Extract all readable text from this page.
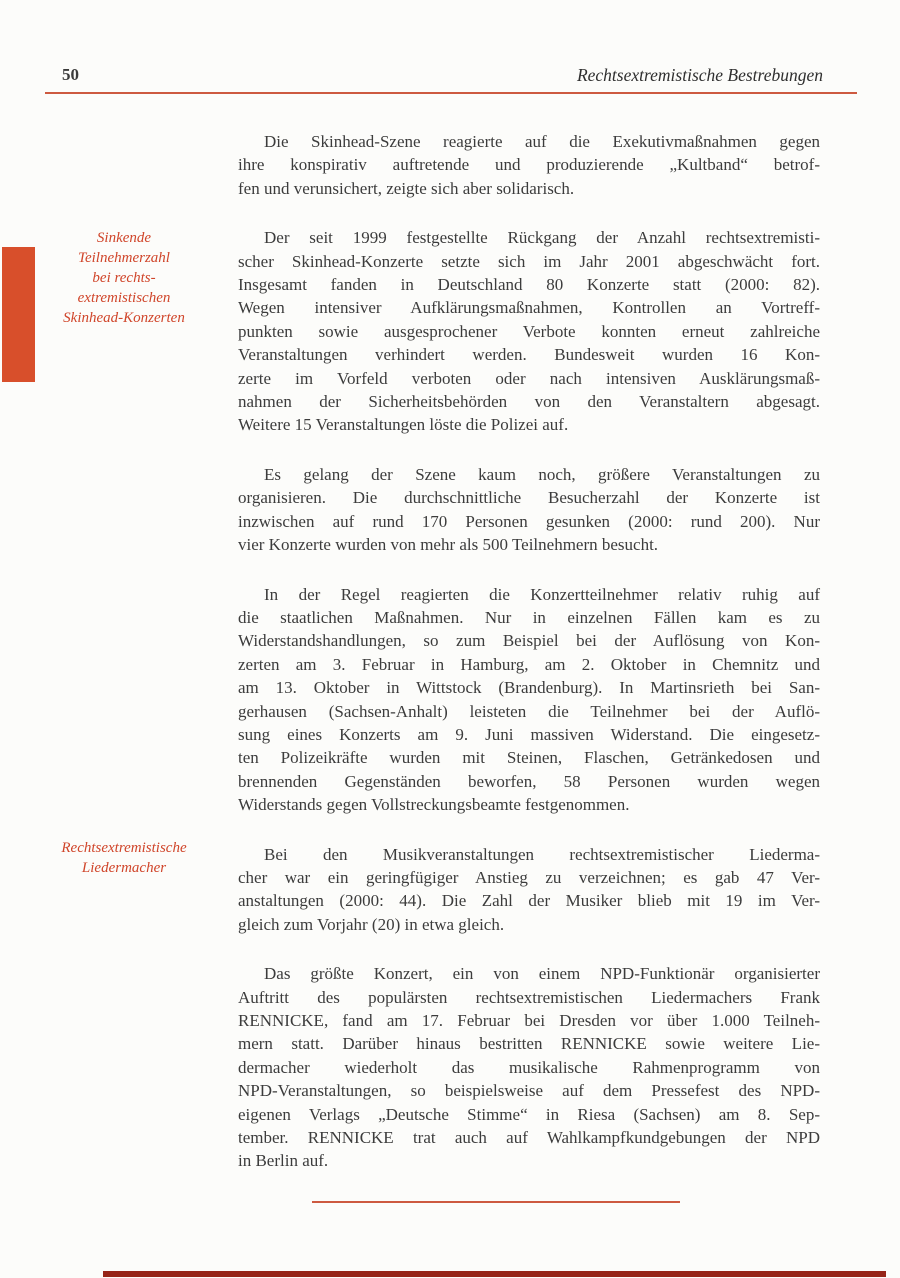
50	Rechtsextremistische Bestrebungen
Sinkende
Teilnehmerzahl
bei rechts-
extremistischen
Skinhead-Konzerten
Rechtsextremistische
Liedermacher
Die Skinhead-Szene reagierte auf die Exekutivmaßnahmen gegen
ihre konspirativ auftretende und produzierende „Kultband“ betrof-
fen und verunsichert, zeigte sich aber solidarisch.
Der seit 1999 festgestellte Rückgang der Anzahl rechtsextremisti-
scher Skinhead-Konzerte setzte sich im Jahr 2001 abgeschwächt fort.
Insgesamt fanden in Deutschland 80 Konzerte statt (2000: 82).
Wegen intensiver Aufklärungsmaßnahmen, Kontrollen an Vortreff-
punkten sowie ausgesprochener Verbote konnten erneut zahlreiche
Veranstaltungen verhindert werden. Bundesweit wurden 16 Kon-
zerte im Vorfeld verboten oder nach intensiven Ausklärungsmaß-
nahmen der Sicherheitsbehörden von den Veranstaltern abgesagt.
Weitere 15 Veranstaltungen löste die Polizei auf.
Es gelang der Szene kaum noch, größere Veranstaltungen zu
organisieren. Die durchschnittliche Besucherzahl der Konzerte ist
inzwischen auf rund 170 Personen gesunken (2000: rund 200). Nur
vier Konzerte wurden von mehr als 500 Teilnehmern besucht.
In der Regel reagierten die Konzertteilnehmer relativ ruhig auf
die staatlichen Maßnahmen. Nur in einzelnen Fällen kam es zu
Widerstandshandlungen, so zum Beispiel bei der Auflösung von Kon-
zerten am 3. Februar in Hamburg, am 2. Oktober in Chemnitz und
am 13. Oktober in Wittstock (Brandenburg). In Martinsrieth bei San-
gerhausen (Sachsen-Anhalt) leisteten die Teilnehmer bei der Auflö-
sung eines Konzerts am 9. Juni massiven Widerstand. Die eingesetz-
ten Polizeikräfte wurden mit Steinen, Flaschen, Getränkedosen und
brennenden Gegenständen beworfen, 58 Personen wurden wegen
Widerstands gegen Vollstreckungsbeamte festgenommen.
Bei den Musikveranstaltungen rechtsextremistischer Liederma-
cher war ein geringfügiger Anstieg zu verzeichnen; es gab 47 Ver-
anstaltungen (2000: 44). Die Zahl der Musiker blieb mit 19 im Ver-
gleich zum Vorjahr (20) in etwa gleich.
Das größte Konzert, ein von einem NPD-Funktionär organisierter
Auftritt des populärsten rechtsextremistischen Liedermachers Frank
RENNICKE, fand am 17. Februar bei Dresden vor über 1.000 Teilneh-
mern statt. Darüber hinaus bestritten RENNICKE sowie weitere Lie-
dermacher wiederholt das musikalische Rahmenprogramm von
NPD-Veranstaltungen, so beispielsweise auf dem Pressefest des NPD-
eigenen Verlags „Deutsche Stimme“ in Riesa (Sachsen) am 8. Sep-
tember. RENNICKE trat auch auf Wahlkampfkundgebungen der NPD
in Berlin auf.
